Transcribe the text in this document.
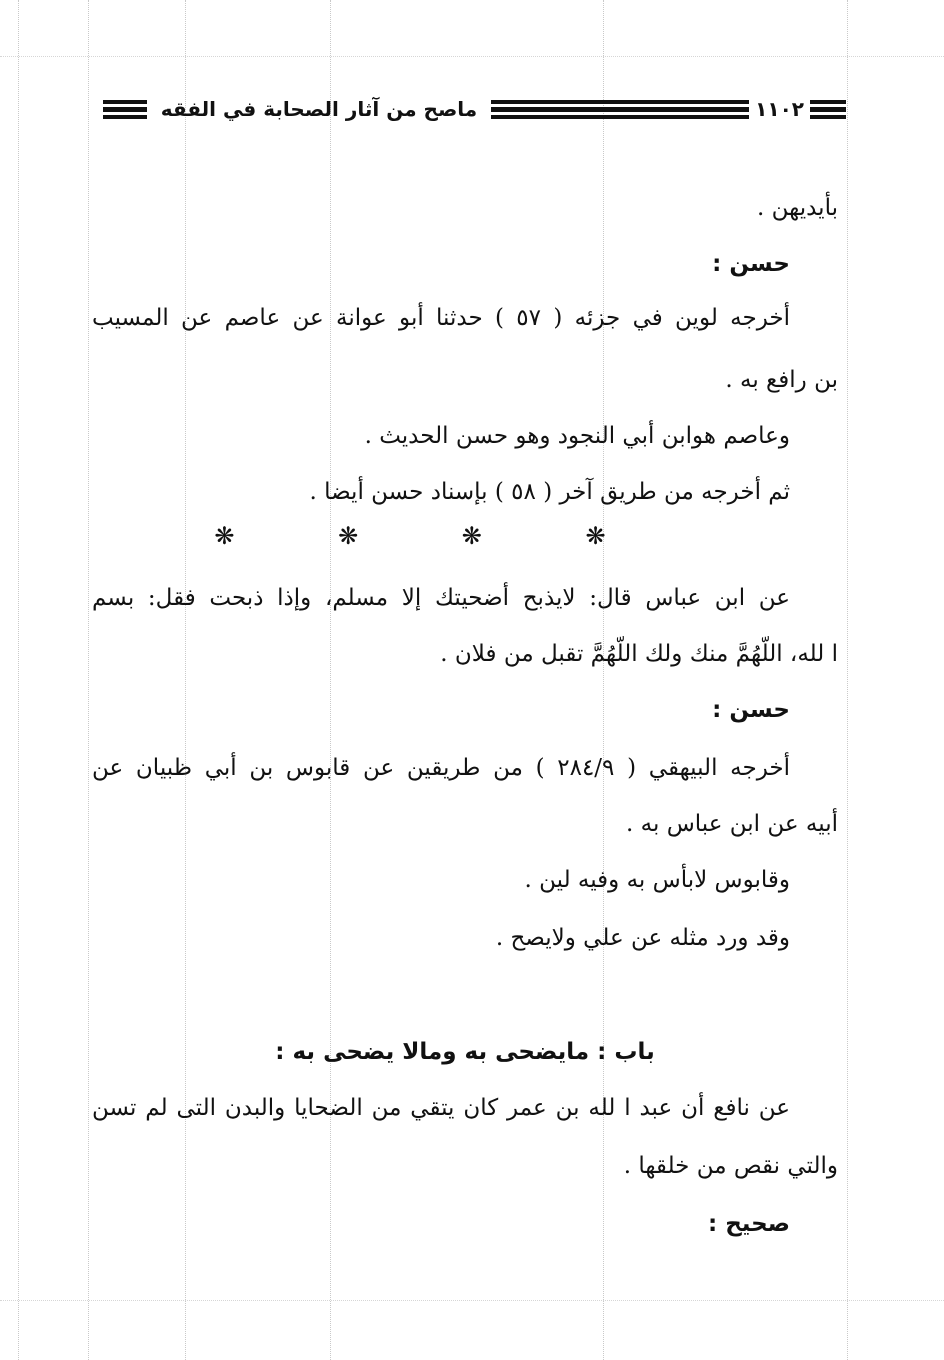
١١٠٢
ماصح من آثار الصحابة في الفقه
بأيديهن .
حسن :
أخرجه لوين في جزئه ( ٥٧ ) حدثنا أبو عوانة عن عاصم عن المسيب
بن رافع به .
وعاصم هوابن أبي النجود وهو حسن الحديث .
ثم أخرجه من طريق آخر ( ٥٨ ) بإسناد حسن أيضا .
❋ ❋ ❋ ❋
عن ابن عباس قال: لايذبح أضحيتك إلا مسلم، وإذا ذبحت فقل: بسم
ا لله، اللّهُمَّ منك ولك اللّهُمَّ تقبل من فلان .
حسن :
أخرجه البيهقي ( ٢٨٤/٩ ) من طريقين عن قابوس بن أبي ظبيان عن
أبيه عن ابن عباس به .
وقابوس لابأس به وفيه لين .
وقد ورد مثله عن علي ولايصح .
باب : مايضحى به ومالا يضحى به :
عن نافع أن عبد ا لله بن عمر كان يتقي من الضحايا والبدن التى لم تسن
والتي نقص من خلقها .
صحيح :
